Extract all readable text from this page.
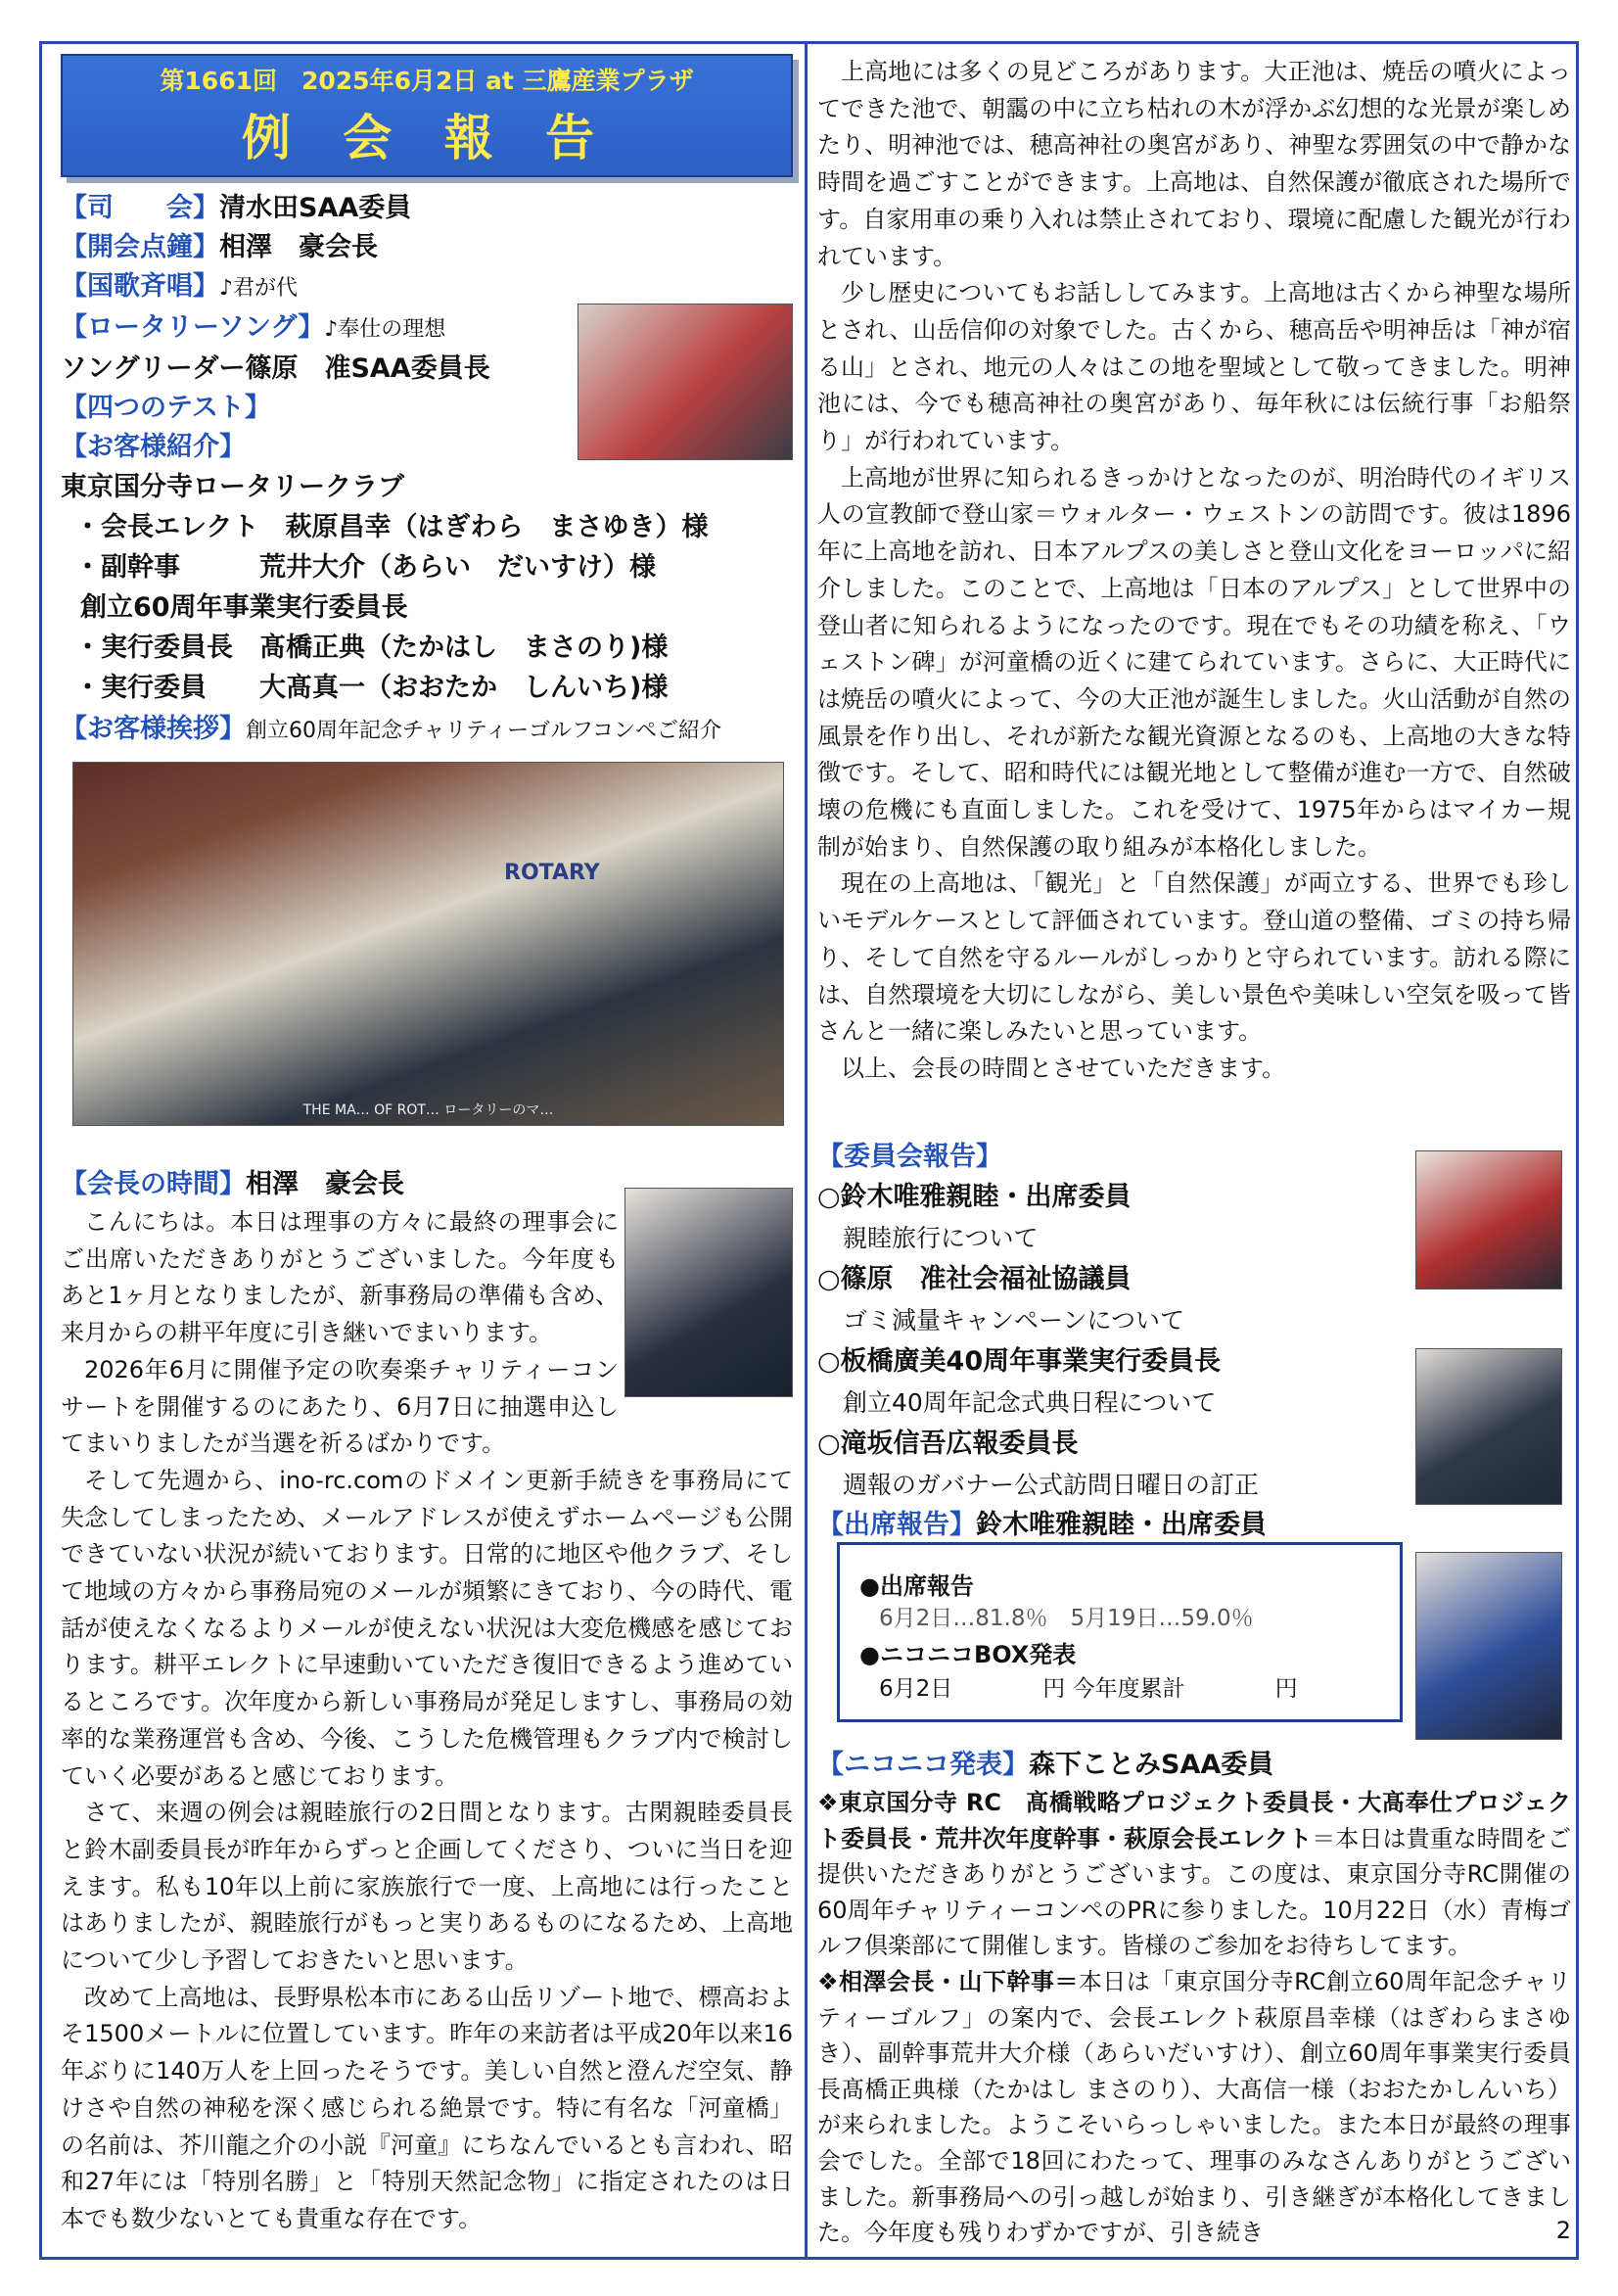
第1661回　2025年6月2日 at 三鷹産業プラザ
例 会 報 告
【司　　会】清水田SAA委員
【開会点鐘】相澤　豪会長
【国歌斉唱】♪君が代
【ロータリーソング】♪奉仕の理想
ソングリーダー篠原　准SAA委員長
【四つのテスト】
【お客様紹介】
東京国分寺ロータリークラブ
・会長エレクト　萩原昌幸（はぎわら　まさゆき）様
・副幹事　　　荒井大介（あらい　だいすけ）様
創立60周年事業実行委員長
・実行委員長　髙橋正典（たかはし　まさのり)様
・実行委員　　大髙真一（おおたか　しんいち)様
【お客様挨拶】創立60周年記念チャリティーゴルフコンペご紹介
ROTARY
THE MA… OF ROT… ロータリーのマ…
【会長の時間】相澤　豪会長

こんにちは。本日は理事の方々に最終の理事会にご出席いただきありがとうございました。今年度もあと1ヶ月となりましたが、新事務局の準備も含め、来月からの耕平年度に引き継いでまいります。

2026年6月に開催予定の吹奏楽チャリティーコンサートを開催するのにあたり、6月7日に抽選申込してまいりましたが当選を祈るばかりです。

そして先週から、ino-rc.comのドメイン更新手続きを事務局にて失念してしまったため、メールアドレスが使えずホームページも公開できていない状況が続いております。日常的に地区や他クラブ、そして地域の方々から事務局宛のメールが頻繁にきており、今の時代、電話が使えなくなるよりメールが使えない状況は大変危機感を感じております。耕平エレクトに早速動いていただき復旧できるよう進めているところです。次年度から新しい事務局が発足しますし、事務局の効率的な業務運営も含め、今後、こうした危機管理もクラブ内で検討していく必要があると感じております。

さて、来週の例会は親睦旅行の2日間となります。古閑親睦委員長と鈴木副委員長が昨年からずっと企画してくださり、ついに当日を迎えます。私も10年以上前に家族旅行で一度、上高地には行ったことはありましたが、親睦旅行がもっと実りあるものになるため、上高地について少し予習しておきたいと思います。

改めて上高地は、長野県松本市にある山岳リゾート地で、標高およそ1500メートルに位置しています。昨年の来訪者は平成20年以来16年ぶりに140万人を上回ったそうです。美しい自然と澄んだ空気、静けさや自然の神秘を深く感じられる絶景です。特に有名な「河童橋」の名前は、芥川龍之介の小説『河童』にちなんでいるとも言われ、昭和27年には「特別名勝」と「特別天然記念物」に指定されたのは日本でも数少ないとても貴重な存在です。

上高地には多くの見どころがあります。大正池は、焼岳の噴火によってできた池で、朝靄の中に立ち枯れの木が浮かぶ幻想的な光景が楽しめたり、明神池では、穂高神社の奥宮があり、神聖な雰囲気の中で静かな時間を過ごすことができます。上高地は、自然保護が徹底された場所です。自家用車の乗り入れは禁止されており、環境に配慮した観光が行われています。

少し歴史についてもお話ししてみます。上高地は古くから神聖な場所とされ、山岳信仰の対象でした。古くから、穂高岳や明神岳は「神が宿る山」とされ、地元の人々はこの地を聖域として敬ってきました。明神池には、今でも穂高神社の奥宮があり、毎年秋には伝統行事「お船祭り」が行われています。

上高地が世界に知られるきっかけとなったのが、明治時代のイギリス人の宣教師で登山家＝ウォルター・ウェストンの訪問です。彼は1896年に上高地を訪れ、日本アルプスの美しさと登山文化をヨーロッパに紹介しました。このことで、上高地は「日本のアルプス」として世界中の登山者に知られるようになったのです。現在でもその功績を称え、「ウェストン碑」が河童橋の近くに建てられています。さらに、大正時代には焼岳の噴火によって、今の大正池が誕生しました。火山活動が自然の風景を作り出し、それが新たな観光資源となるのも、上高地の大きな特徴です。そして、昭和時代には観光地として整備が進む一方で、自然破壊の危機にも直面しました。これを受けて、1975年からはマイカー規制が始まり、自然保護の取り組みが本格化しました。

現在の上高地は、「観光」と「自然保護」が両立する、世界でも珍しいモデルケースとして評価されています。登山道の整備、ゴミの持ち帰り、そして自然を守るルールがしっかりと守られています。訪れる際には、自然環境を大切にしながら、美しい景色や美味しい空気を吸って皆さんと一緒に楽しみたいと思っています。

以上、会長の時間とさせていただきます。

【委員会報告】
○鈴木唯雅親睦・出席委員
親睦旅行について
○篠原　准社会福祉協議員
ゴミ減量キャンペーンについて
○板橋廣美40周年事業実行委員長
創立40周年記念式典日程について
○滝坂信吾広報委員長
週報のガバナー公式訪問日曜日の訂正
【出席報告】鈴木唯雅親睦・出席委員
●出席報告
6月2日…81.8％　5月19日…59.0％
●ニコニコBOX発表
6月2日　　　　円 今年度累計　　　　円
【ニコニコ発表】森下ことみSAA委員
❖東京国分寺 RC　髙橋戦略プロジェクト委員長・大髙奉仕プロジェクト委員長・荒井次年度幹事・萩原会長エレクト＝本日は貴重な時間をご提供いただきありがとうございます。この度は、東京国分寺RC開催の60周年チャリティーコンペのPRに参りました。10月22日（水）青梅ゴルフ倶楽部にて開催します。皆様のご参加をお待ちしてます。
❖相澤会長・山下幹事＝本日は「東京国分寺RC創立60周年記念チャリティーゴルフ」の案内で、会長エレクト萩原昌幸様（はぎわらまさゆき）、副幹事荒井大介様（あらいだいすけ）、創立60周年事業実行委員長髙橋正典様（たかはし まさのり）、大髙信一様（おおたかしんいち）が来られました。ようこそいらっしゃいました。また本日が最終の理事会でした。全部で18回にわたって、理事のみなさんありがとうございました。新事務局への引っ越しが始まり、引き継ぎが本格化してきました。今年度も残りわずかですが、引き続き	2
